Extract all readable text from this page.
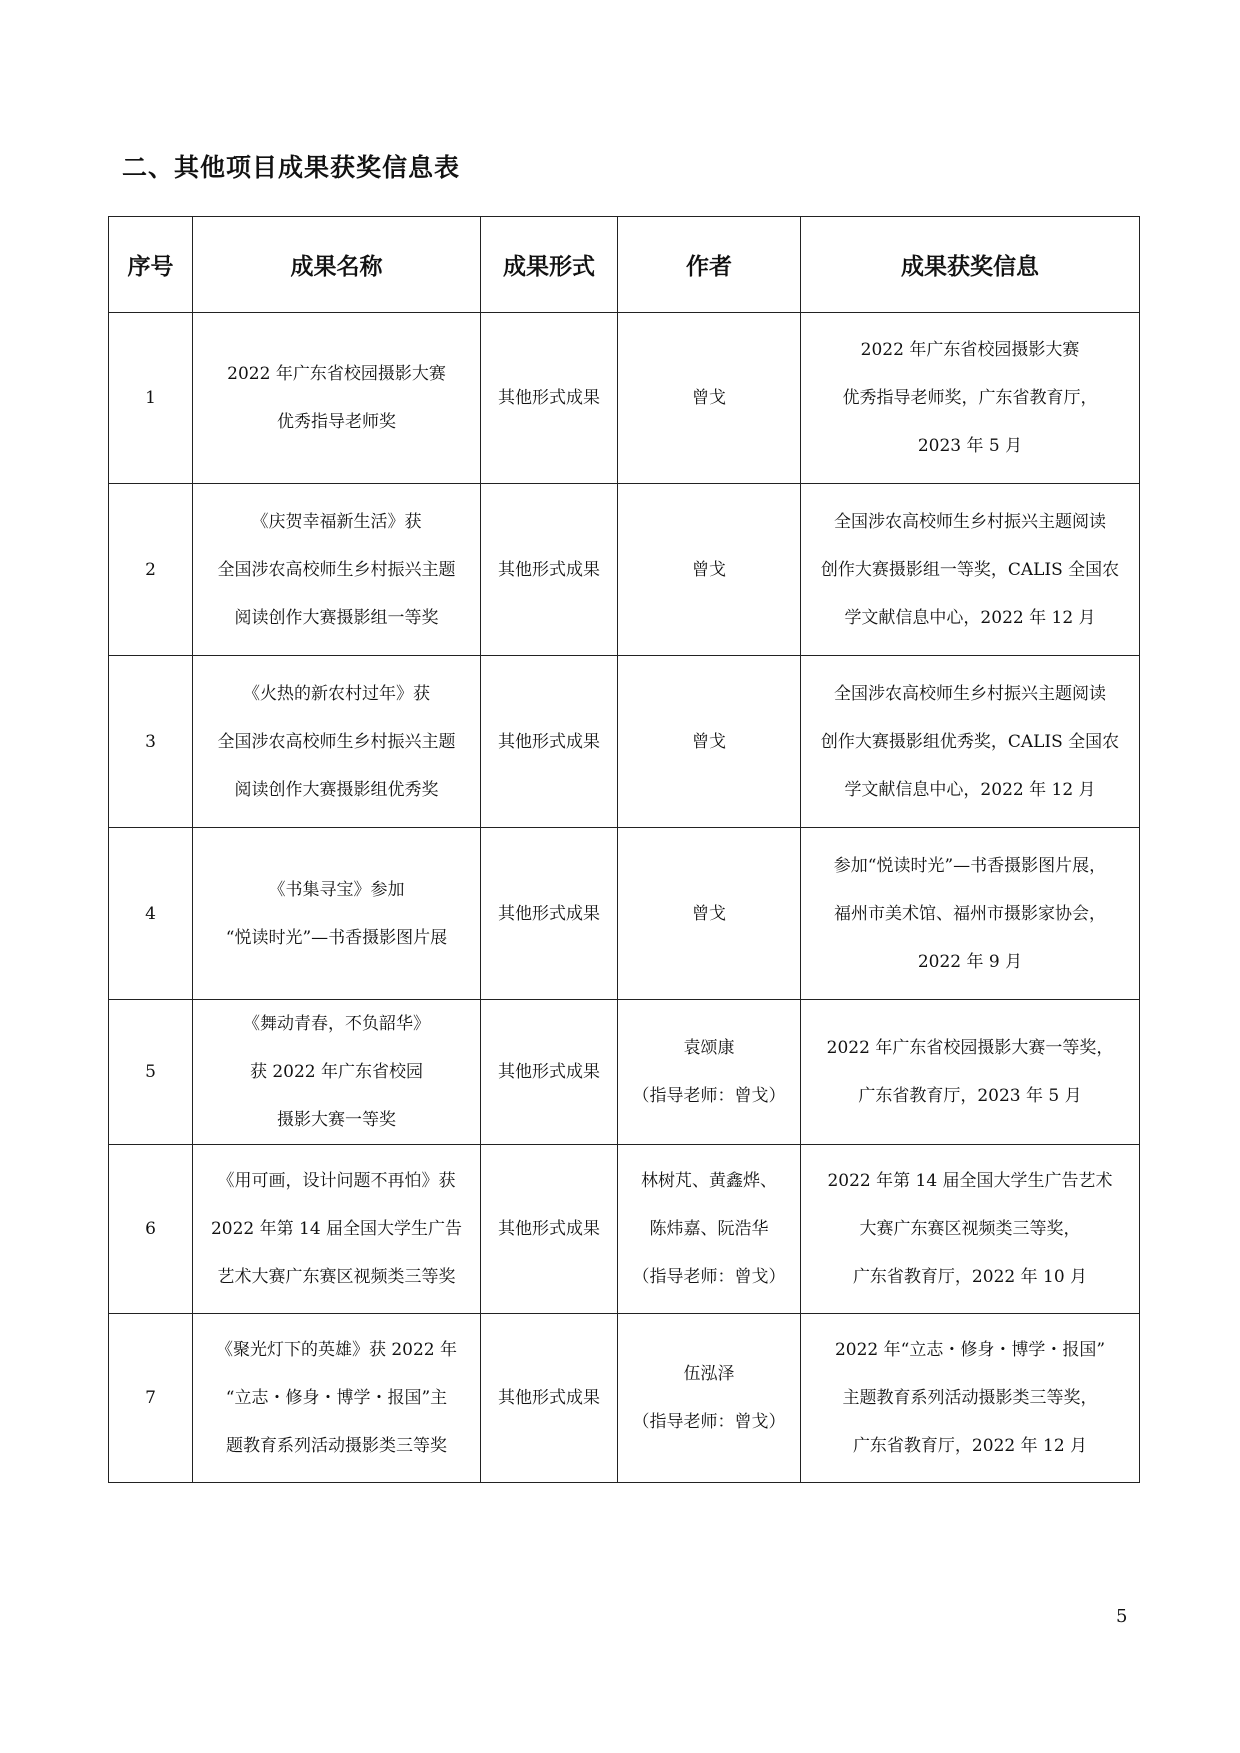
二、其他项目成果获奖信息表
序号	成果名称	成果形式	作者	成果获奖信息
1	2022 年广东省校园摄影大赛
优秀指导老师奖	其他形式成果	曾戈	2022 年广东省校园摄影大赛
优秀指导老师奖，广东省教育厅，
2023 年 5 月

2	《庆贺幸福新生活》获
全国涉农高校师生乡村振兴主题
阅读创作大赛摄影组一等奖	其他形式成果	曾戈	全国涉农高校师生乡村振兴主题阅读
创作大赛摄影组一等奖，CALIS 全国农
学文献信息中心，2022 年 12 月

3	《火热的新农村过年》获
全国涉农高校师生乡村振兴主题
阅读创作大赛摄影组优秀奖	其他形式成果	曾戈	全国涉农高校师生乡村振兴主题阅读
创作大赛摄影组优秀奖，CALIS 全国农
学文献信息中心，2022 年 12 月

4	《书集寻宝》参加
“悦读时光”—书香摄影图片展	其他形式成果	曾戈	参加“悦读时光”—书香摄影图片展，
福州市美术馆、福州市摄影家协会，
2022 年 9 月

5	《舞动青春，不负韶华》
获 2022 年广东省校园
摄影大赛一等奖	其他形式成果	袁颂康
（指导老师：曾戈）	2022 年广东省校园摄影大赛一等奖，
广东省教育厅，2023 年 5 月

6	《用可画，设计问题不再怕》获
2022 年第 14 届全国大学生广告
艺术大赛广东赛区视频类三等奖	其他形式成果	林树芃、黄鑫烨、
陈炜嘉、阮浩华
（指导老师：曾戈）	2022 年第 14 届全国大学生广告艺术
大赛广东赛区视频类三等奖，
广东省教育厅，2022 年 10 月

7	《聚光灯下的英雄》获 2022 年
“立志・修身・博学・报国”主
题教育系列活动摄影类三等奖	其他形式成果	伍泓泽
（指导老师：曾戈）	2022 年“立志・修身・博学・报国”
主题教育系列活动摄影类三等奖，
广东省教育厅，2022 年 12 月
5
